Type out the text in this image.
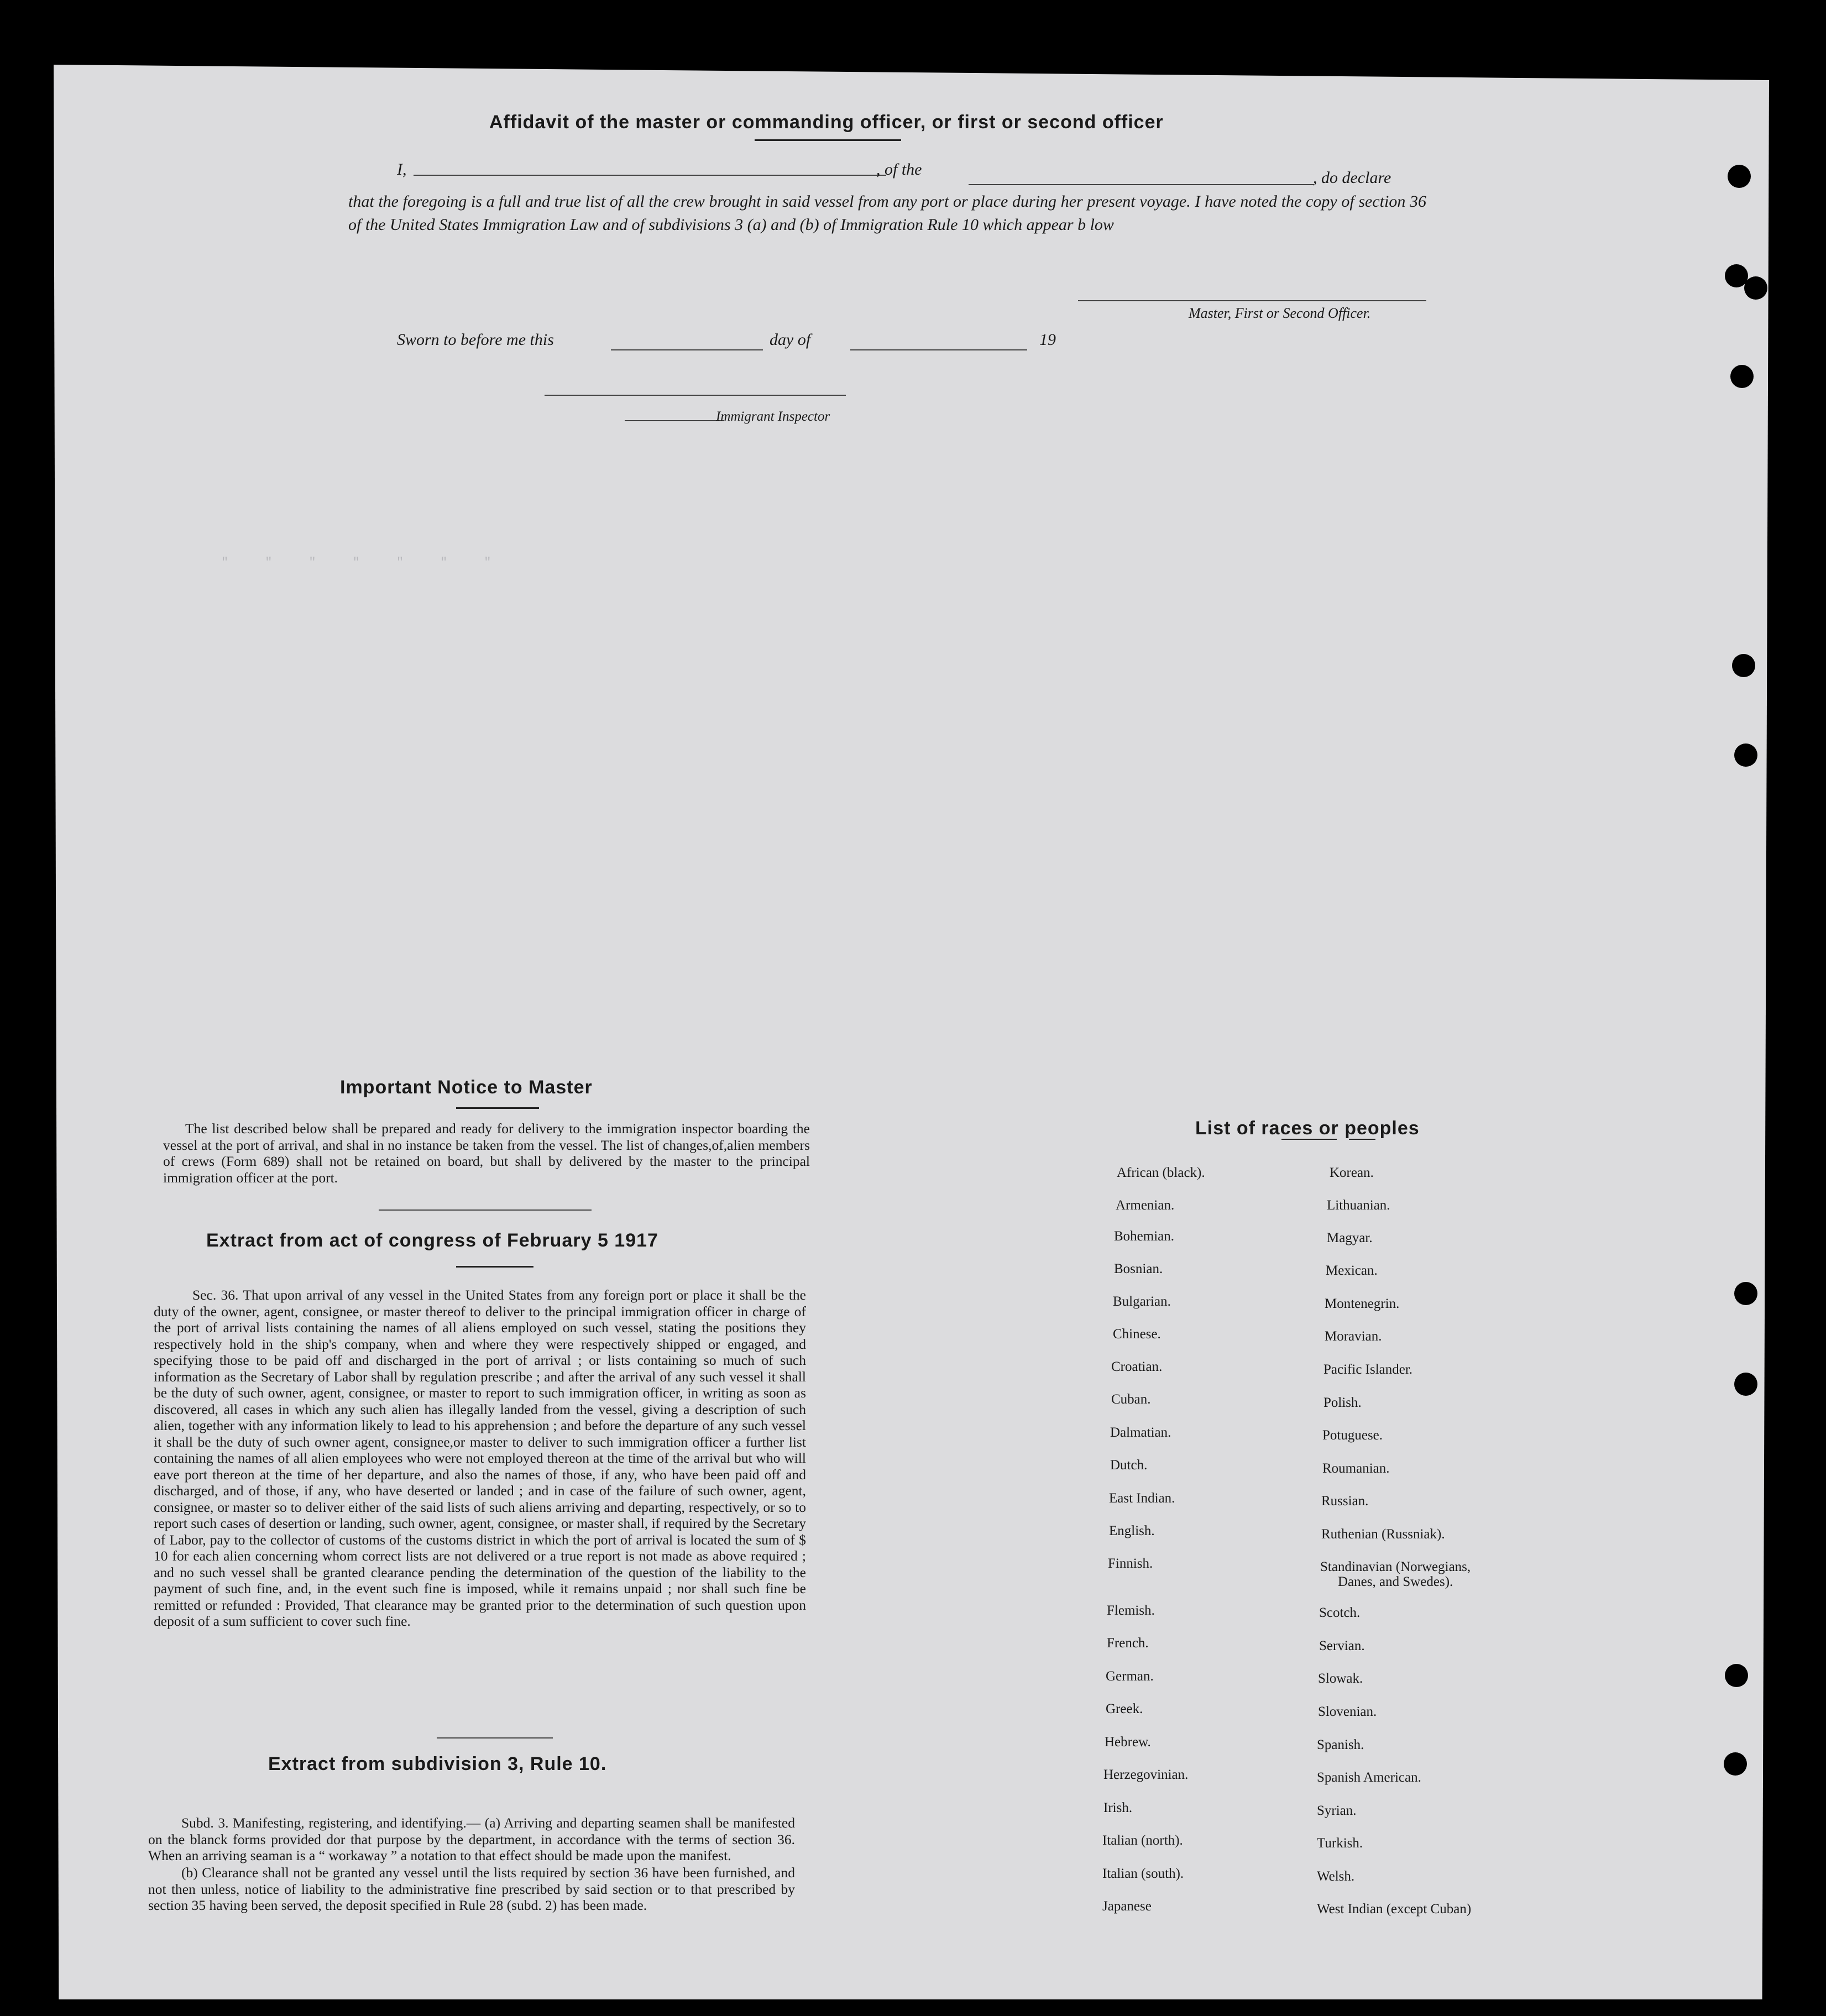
"     "     "     "     "     "     "
Affidavit of the master or commanding officer, or first or second officer
I,	, of the	, do declare
that the foregoing is a full and true list of all the crew brought in said vessel from any port or place during her present voyage. I have noted the copy of section 36 of the United States Immigration Law and of subdivisions 3 (a) and (b) of Immigration Rule 10 which appear b low
Master, First or Second Officer.
Sworn to before me this	day of	19
Immigrant Inspector
Important Notice to Master
The list described below shall be prepared and ready for delivery to the immigration inspector boarding the vessel at the port of arrival, and shal in no instance be taken from the vessel. The list of changes,of,alien members of crews (Form 689) shall not be retained on board, but shall by delivered by the master to the principal immigration officer at the port.
Extract from act of congress of February 5 1917
Sec. 36. That upon arrival of any vessel in the United States from any foreign port or place it shall be the duty of the owner, agent, consignee, or master thereof to deliver to the principal immigration officer in charge of the port of arrival lists containing the names of all aliens employed on such vessel, stating the positions they respectively hold in the ship's company, when and where they were respectively shipped or engaged, and specifying those to be paid off and discharged in the port of arrival ; or lists containing so much of such information as the Secretary of Labor shall by regulation prescribe ; and after the arrival of any such vessel it shall be the duty of such owner, agent, consignee, or master to report to such immigration officer, in writing as soon as discovered, all cases in which any such alien has illegally landed from the vessel, giving a description of such alien, together with any information likely to lead to his apprehension ; and before the departure of any such vessel it shall be the duty of such owner agent, consignee,or master to deliver to such immigration officer a further list containing the names of all alien employees who were not employed thereon at the time of the arrival but who will eave port thereon at the time of her departure, and also the names of those, if any, who have been paid off and discharged, and of those, if any, who have deserted or landed ; and in case of the failure of such owner, agent, consignee, or master so to deliver either of the said lists of such aliens arriving and departing, respectively, or so to report such cases of desertion or landing, such owner, agent, consignee, or master shall, if required by the Secretary of Labor, pay to the collector of customs of the customs district in which the port of arrival is located the sum of $ 10 for each alien concerning whom correct lists are not delivered or a true report is not made as above required ; and no such vessel shall be granted clearance pending the determination of the question of the liability to the payment of such fine, and, in the event such fine is imposed, while it remains unpaid ; nor shall such fine be remitted or refunded : Provided, That clearance may be granted prior to the determination of such question upon deposit of a sum sufficient to cover such fine.
Extract from subdivision 3, Rule 10.
Subd. 3. Manifesting, registering, and identifying.— (a) Arriving and departing seamen shall be manifested on the blanck forms provided dor that purpose by the department, in accordance with the terms of section 36. When an arriving seaman is a “ workaway ” a notation to that effect should be made upon the manifest.
(b) Clearance shall not be granted any vessel until the lists required by section 36 have been furnished, and not then unless, notice of liability to the administrative fine prescribed by said section or to that prescribed by section 35 having been served, the deposit specified in Rule 28 (subd. 2) has been made.
List of races or peoples
African (black).
Armenian.
Bohemian.
Bosnian.
Bulgarian.
Chinese.
Croatian.
Cuban.
Dalmatian.
Dutch.
East Indian.
English.
Finnish.
Flemish.
French.
German.
Greek.
Hebrew.
Herzegovinian.
Irish.
Italian (north).
Italian (south).
Japanese
Korean.
Lithuanian.
Magyar.
Mexican.
Montenegrin.
Moravian.
Pacific Islander.
Polish.
Potuguese.
Roumanian.
Russian.
Ruthenian (Russniak).
Standinavian (Norwegians,
Danes, and Swedes).
Scotch.
Servian.
Slowak.
Slovenian.
Spanish.
Spanish American.
Syrian.
Turkish.
Welsh.
West Indian (except Cuban)
